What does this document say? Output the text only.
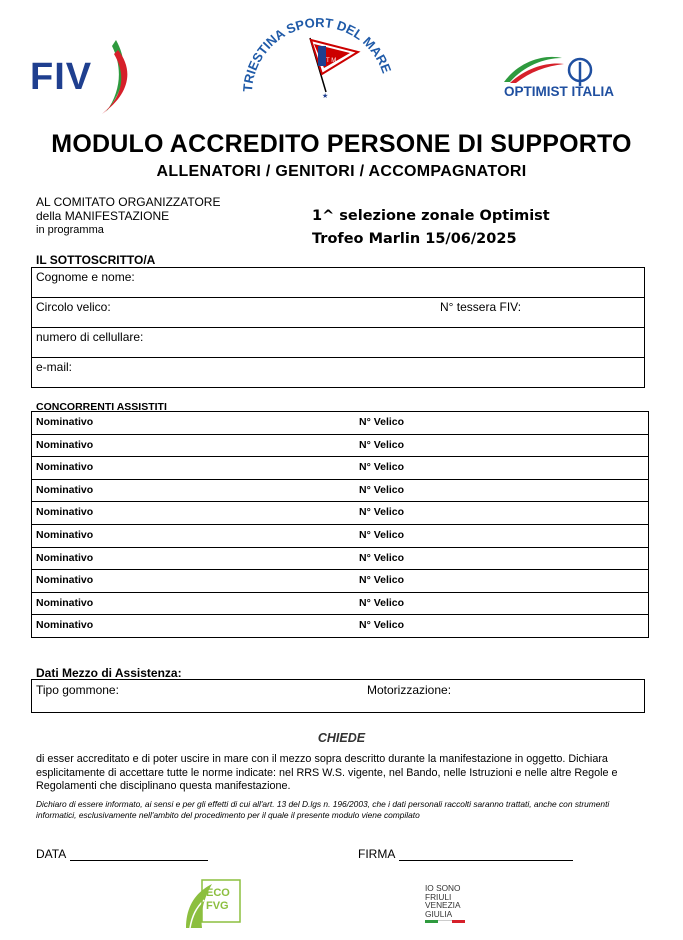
FIV	TRIESTINA SPORT DEL MARE
T M
★	OPTIMIST ITALIA
MODULO ACCREDITO PERSONE DI SUPPORTO
ALLENATORI / GENITORI / ACCOMPAGNATORI
AL COMITATO ORGANIZZATORE
della MANIFESTAZIONE
in programma
1^ selezione zonale Optimist
Trofeo Marlin 15/06/2025
IL SOTTOSCRITTO/A
Cognome e nome:
Circolo velico:	N° tessera FIV:
numero di cellullare:
e-mail:
CONCORRENTI ASSISTITI
Nominativo	N° Velico
Nominativo	N° Velico
Nominativo	N° Velico
Nominativo	N° Velico
Nominativo	N° Velico
Nominativo	N° Velico
Nominativo	N° Velico
Nominativo	N° Velico
Nominativo	N° Velico
Nominativo	N° Velico
Dati Mezzo di Assistenza:
Tipo gommone:	Motorizzazione:
CHIEDE
di esser accreditato e di poter uscire in mare con il mezzo sopra descritto durante la manifestazione in oggetto. Dichiara esplicitamente di accettare tutte le norme indicate: nel RRS W.S. vigente, nel Bando, nelle Istruzioni e nelle altre Regole e Regolamenti che disciplinano questa manifestazione.
Dichiaro di essere informato, ai sensi e per gli effetti di cui all'art. 13 del D.lgs n. 196/2003, che i dati personali raccolti saranno trattati, anche con strumenti informatici, esclusivamente nell'ambito del procedimento per il quale il presente modulo viene compilato
DATA	FIRMA
ECO
FVG
IO SONO
FRIULI
VENEZIA
GIULIA
